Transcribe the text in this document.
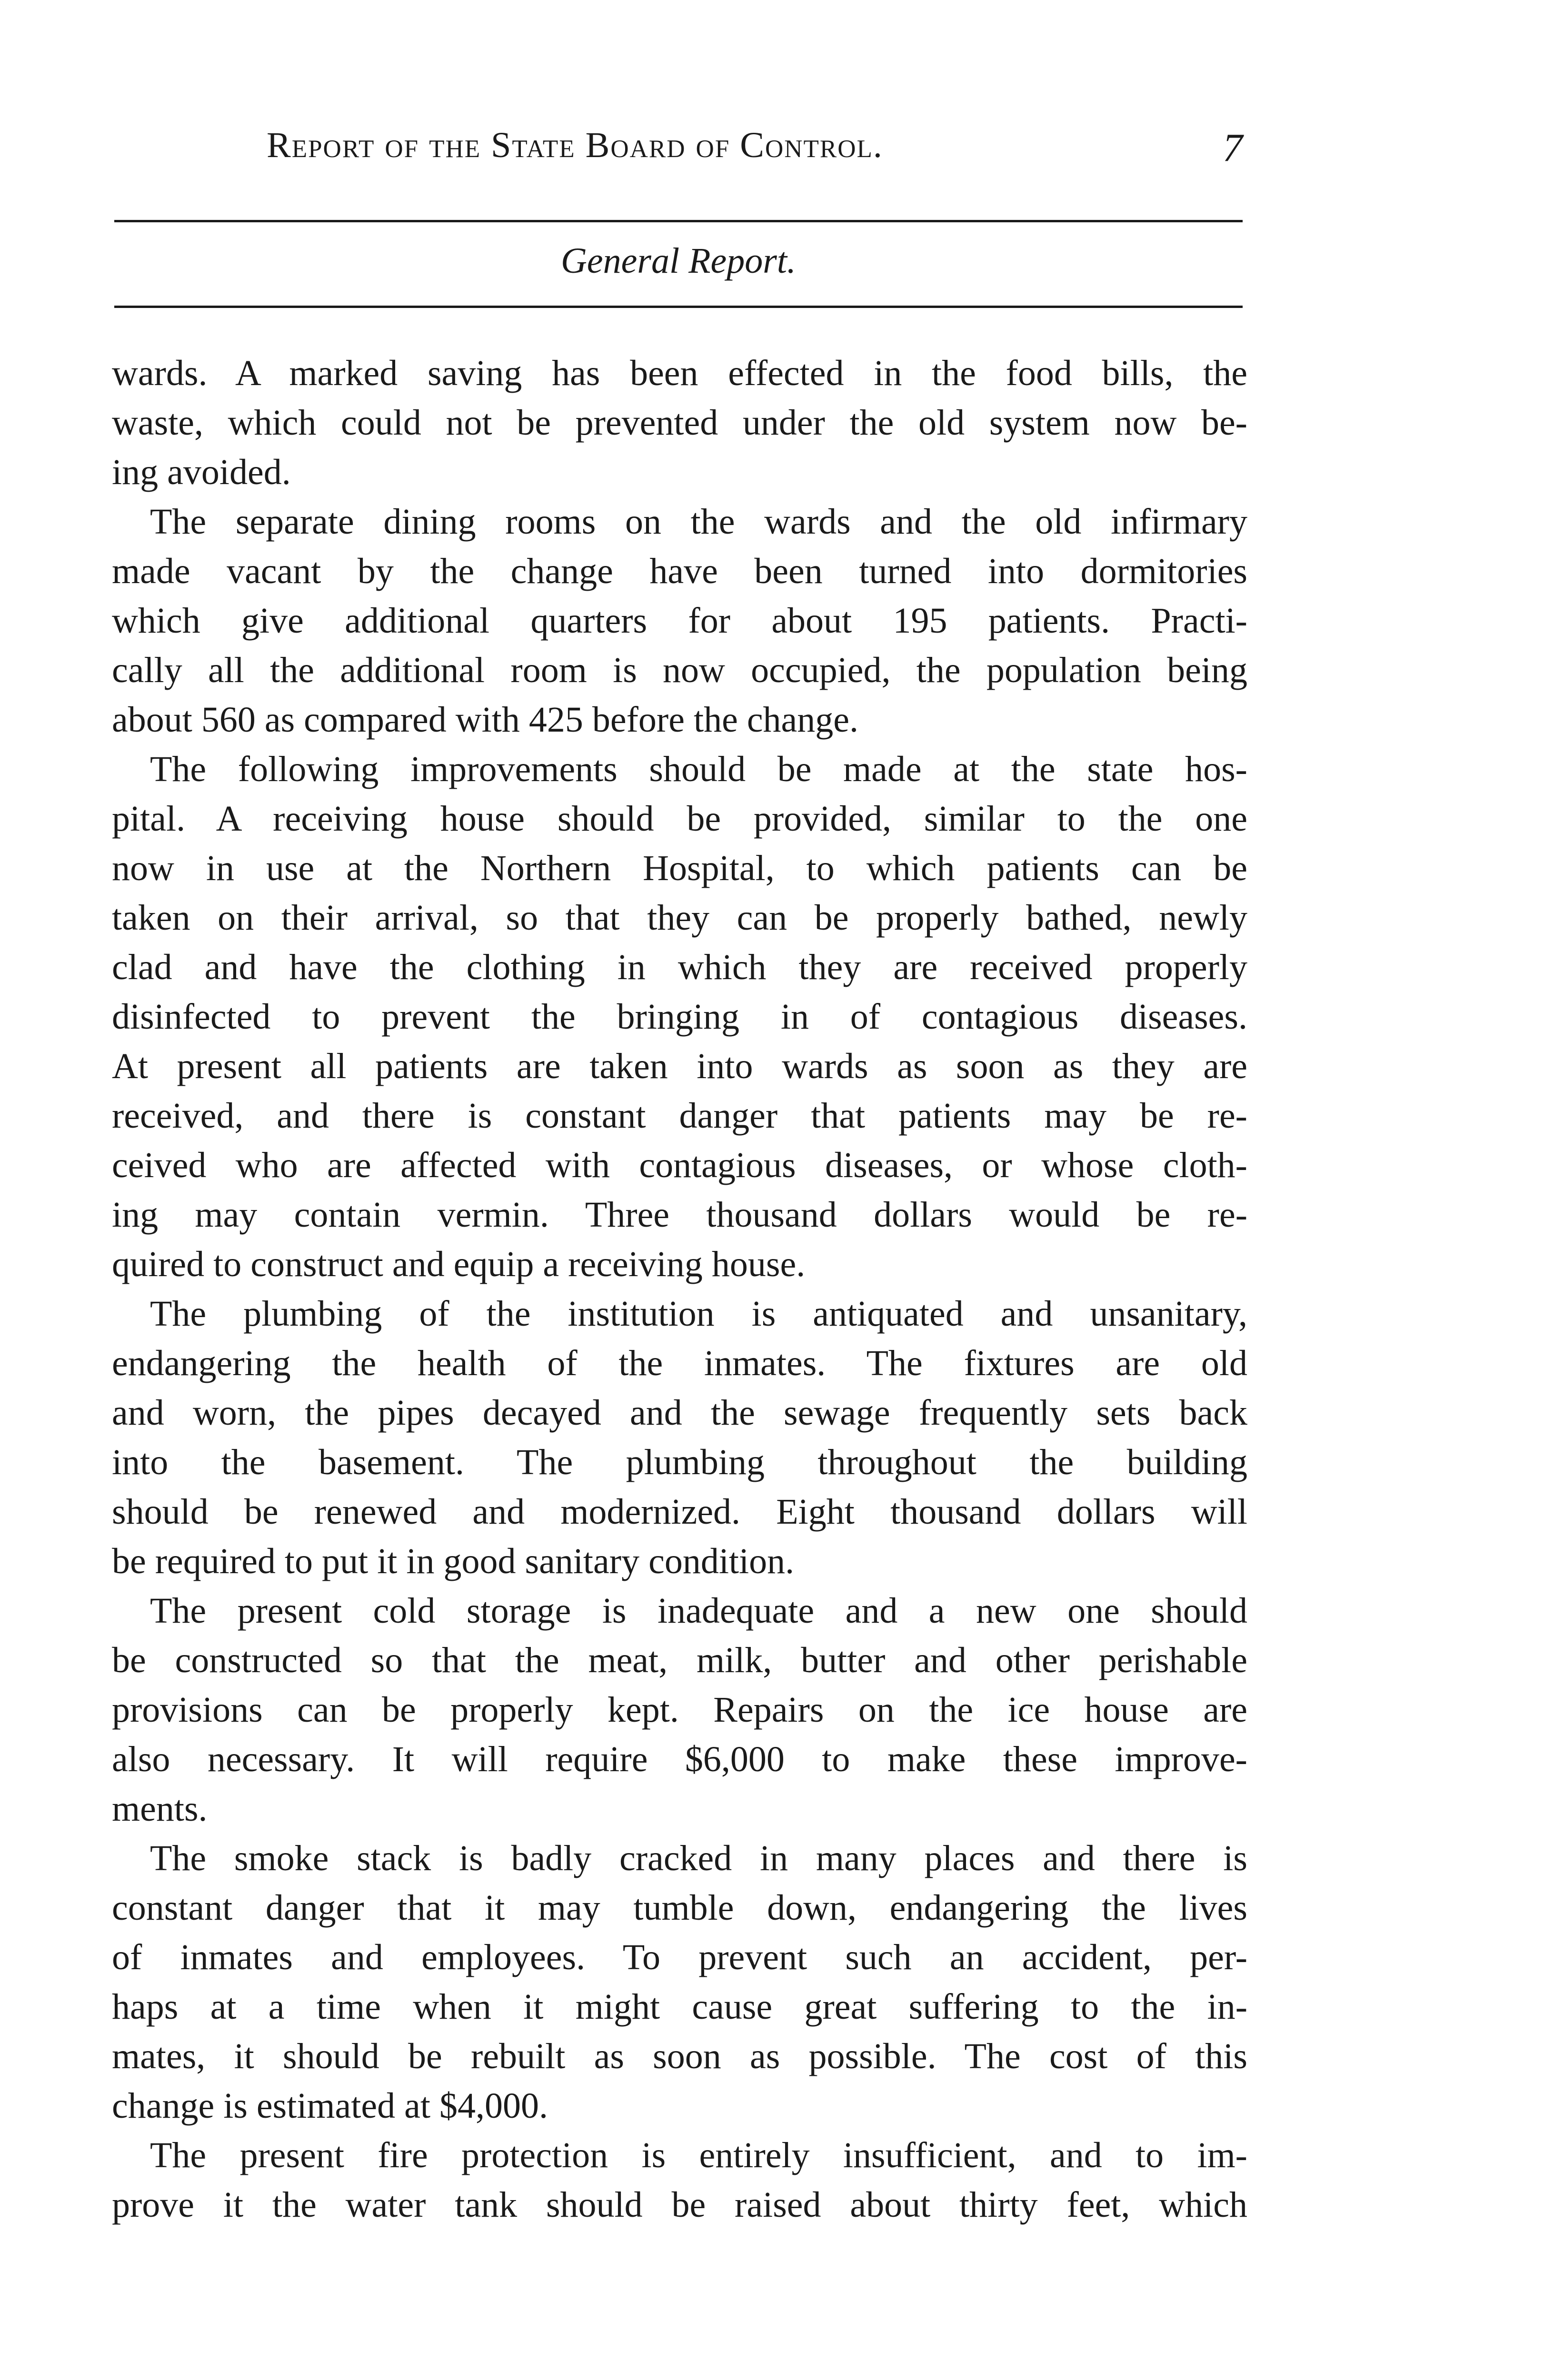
Report of the State Board of Control.	7
General Report.
wards. A marked saving has been effected in the food bills, the
waste, which could not be prevented under the old system now be-
ing avoided.
The separate dining rooms on the wards and the old infirmary
made vacant by the change have been turned into dormitories
which give additional quarters for about 195 patients. Practi-
cally all the additional room is now occupied, the population being
about 560 as compared with 425 before the change.
The following improvements should be made at the state hos-
pital. A receiving house should be provided, similar to the one
now in use at the Northern Hospital, to which patients can be
taken on their arrival, so that they can be properly bathed, newly
clad and have the clothing in which they are received properly
disinfected to prevent the bringing in of contagious diseases.
At present all patients are taken into wards as soon as they are
received, and there is constant danger that patients may be re-
ceived who are affected with contagious diseases, or whose cloth-
ing may contain vermin. Three thousand dollars would be re-
quired to construct and equip a receiving house.
The plumbing of the institution is antiquated and unsanitary,
endangering the health of the inmates. The fixtures are old
and worn, the pipes decayed and the sewage frequently sets back
into the basement. The plumbing throughout the building
should be renewed and modernized. Eight thousand dollars will
be required to put it in good sanitary condition.
The present cold storage is inadequate and a new one should
be constructed so that the meat, milk, butter and other perishable
provisions can be properly kept. Repairs on the ice house are
also necessary. It will require $6,000 to make these improve-
ments.
The smoke stack is badly cracked in many places and there is
constant danger that it may tumble down, endangering the lives
of inmates and employees. To prevent such an accident, per-
haps at a time when it might cause great suffering to the in-
mates, it should be rebuilt as soon as possible. The cost of this
change is estimated at $4,000.
The present fire protection is entirely insufficient, and to im-
prove it the water tank should be raised about thirty feet, which
